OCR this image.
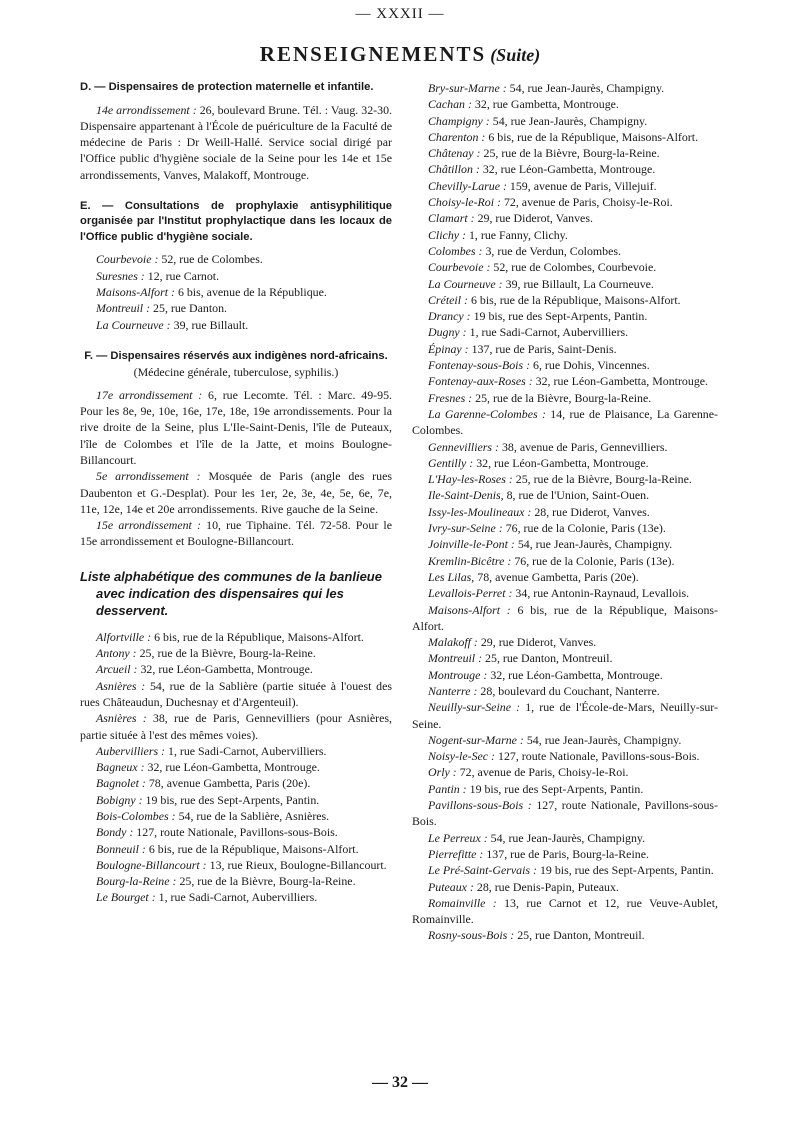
— XXXII —
RENSEIGNEMENTS (Suite)
D. — Dispensaires de protection maternelle et infantile.

14e arrondissement : 26, boulevard Brune. Tél. : Vaug. 32-30. Dispensaire appartenant à l'École de puériculture de la Faculté de médecine de Paris : Dr Weill-Hallé. Service social dirigé par l'Office public d'hygiène sociale de la Seine pour les 14e et 15e arrondissements, Vanves, Malakoff, Montrouge.

E. — Consultations de prophylaxie antisyphilitique organisée par l'Institut prophylactique dans les locaux de l'Office public d'hygiène sociale.
Courbevoie : 52, rue de Colombes.
Suresnes : 12, rue Carnot.
Maisons-Alfort : 6 bis, avenue de la République.
Montreuil : 25, rue Danton.
La Courneuve : 39, rue Billault.
F. — Dispensaires réservés aux indigènes nord-africains.
(Médecine générale, tuberculose, syphilis.)
17e arrondissement : 6, rue Lecomte. Tél. : Marc. 49-95. Pour les 8e, 9e, 10e, 16e, 17e, 18e, 19e arrondissements. Pour la rive droite de la Seine, plus L'Ile-Saint-Denis, l'île de Puteaux, l'île de Colombes et l'île de la Jatte, et moins Boulogne-Billancourt.
5e arrondissement : Mosquée de Paris (angle des rues Daubenton et G.-Desplat). Pour les 1er, 2e, 3e, 4e, 5e, 6e, 7e, 11e, 12e, 14e et 20e arrondissements. Rive gauche de la Seine.
15e arrondissement : 10, rue Tiphaine. Tél. 72-58. Pour le 15e arrondissement et Boulogne-Billancourt.
Liste alphabétique des communes de la banlieue avec indication des dispensaires qui les desservent.
Alfortville : 6 bis, rue de la République, Maisons-Alfort.
Antony : 25, rue de la Bièvre, Bourg-la-Reine.
Arcueil : 32, rue Léon-Gambetta, Montrouge.
Asnières : 54, rue de la Sablière (partie située à l'ouest des rues Châteaudun, Duchesnay et d'Argenteuil).
Asnières : 38, rue de Paris, Gennevilliers (pour Asnières, partie située à l'est des mêmes voies).
Aubervilliers : 1, rue Sadi-Carnot, Aubervilliers.
Bagneux : 32, rue Léon-Gambetta, Montrouge.
Bagnolet : 78, avenue Gambetta, Paris (20e).
Bobigny : 19 bis, rue des Sept-Arpents, Pantin.
Bois-Colombes : 54, rue de la Sablière, Asnières.
Bondy : 127, route Nationale, Pavillons-sous-Bois.
Bonneuil : 6 bis, rue de la République, Maisons-Alfort.
Boulogne-Billancourt : 13, rue Rieux, Boulogne-Billancourt.
Bourg-la-Reine : 25, rue de la Bièvre, Bourg-la-Reine.
Le Bourget : 1, rue Sadi-Carnot, Aubervilliers.
Bry-sur-Marne : 54, rue Jean-Jaurès, Champigny.
Cachan : 32, rue Gambetta, Montrouge.
Champigny : 54, rue Jean-Jaurès, Champigny.
Charenton : 6 bis, rue de la République, Maisons-Alfort.
Châtenay : 25, rue de la Bièvre, Bourg-la-Reine.
Châtillon : 32, rue Léon-Gambetta, Montrouge.
Chevilly-Larue : 159, avenue de Paris, Villejuif.
Choisy-le-Roi : 72, avenue de Paris, Choisy-le-Roi.
Clamart : 29, rue Diderot, Vanves.
Clichy : 1, rue Fanny, Clichy.
Colombes : 3, rue de Verdun, Colombes.
Courbevoie : 52, rue de Colombes, Courbevoie.
La Courneuve : 39, rue Billault, La Courneuve.
Créteil : 6 bis, rue de la République, Maisons-Alfort.
Drancy : 19 bis, rue des Sept-Arpents, Pantin.
Dugny : 1, rue Sadi-Carnot, Aubervilliers.
Épinay : 137, rue de Paris, Saint-Denis.
Fontenay-sous-Bois : 6, rue Dohis, Vincennes.
Fontenay-aux-Roses : 32, rue Léon-Gambetta, Montrouge.
Fresnes : 25, rue de la Bièvre, Bourg-la-Reine.
La Garenne-Colombes : 14, rue de Plaisance, La Garenne-Colombes.
Gennevilliers : 38, avenue de Paris, Gennevilliers.
Gentilly : 32, rue Léon-Gambetta, Montrouge.
L'Hay-les-Roses : 25, rue de la Bièvre, Bourg-la-Reine.
Ile-Saint-Denis, 8, rue de l'Union, Saint-Ouen.
Issy-les-Moulineaux : 28, rue Diderot, Vanves.
Ivry-sur-Seine : 76, rue de la Colonie, Paris (13e).
Joinville-le-Pont : 54, rue Jean-Jaurès, Champigny.
Kremlin-Bicêtre : 76, rue de la Colonie, Paris (13e).
Les Lilas, 78, avenue Gambetta, Paris (20e).
Levallois-Perret : 34, rue Antonin-Raynaud, Levallois.
Maisons-Alfort : 6 bis, rue de la République, Maisons-Alfort.
Malakoff : 29, rue Diderot, Vanves.
Montreuil : 25, rue Danton, Montreuil.
Montrouge : 32, rue Léon-Gambetta, Montrouge.
Nanterre : 28, boulevard du Couchant, Nanterre.
Neuilly-sur-Seine : 1, rue de l'École-de-Mars, Neuilly-sur-Seine.
Nogent-sur-Marne : 54, rue Jean-Jaurès, Champigny.
Noisy-le-Sec : 127, route Nationale, Pavillons-sous-Bois.
Orly : 72, avenue de Paris, Choisy-le-Roi.
Pantin : 19 bis, rue des Sept-Arpents, Pantin.
Pavillons-sous-Bois : 127, route Nationale, Pavillons-sous-Bois.
Le Perreux : 54, rue Jean-Jaurès, Champigny.
Pierrefitte : 137, rue de Paris, Bourg-la-Reine.
Le Pré-Saint-Gervais : 19 bis, rue des Sept-Arpents, Pantin.
Puteaux : 28, rue Denis-Papin, Puteaux.
Romainville : 13, rue Carnot et 12, rue Veuve-Aublet, Romainville.
Rosny-sous-Bois : 25, rue Danton, Montreuil.
— 32 —
